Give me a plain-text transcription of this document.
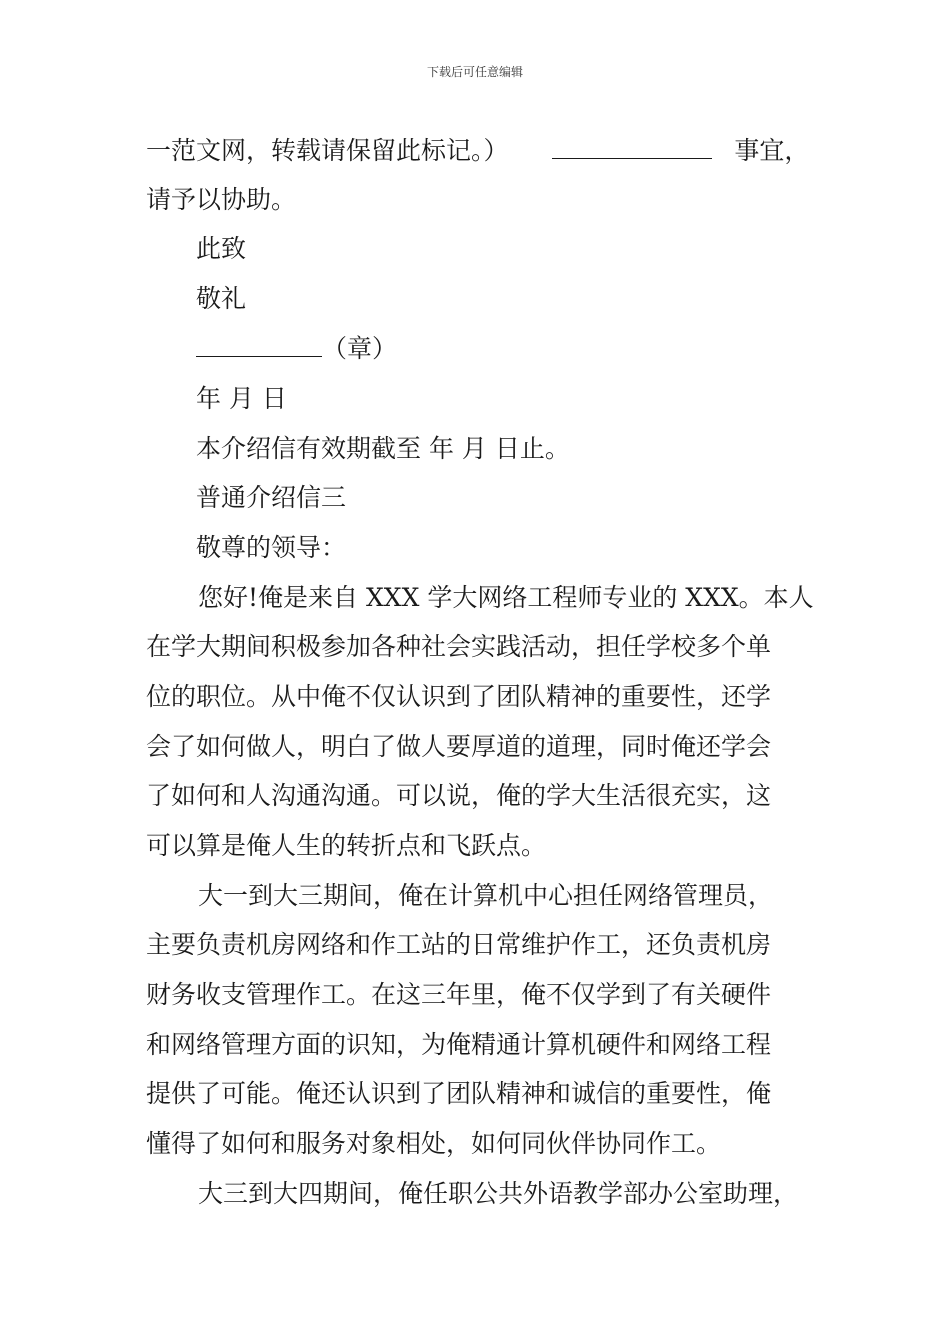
下载后可任意编辑
一范文网，转载请保留此标记。）	事宜，
请予以协助。
此致
敬礼
（章）
年 月 日
本介绍信有效期截至 年 月 日止。
普通介绍信三
敬尊的领导：
您好!俺是来自 XXX 学大网络工程师专业的 XXX。本人
在学大期间积极参加各种社会实践活动，担任学校多个单
位的职位。从中俺不仅认识到了团队精神的重要性，还学
会了如何做人，明白了做人要厚道的道理，同时俺还学会
了如何和人沟通沟通。可以说，俺的学大生活很充实，这
可以算是俺人生的转折点和飞跃点。
大一到大三期间，俺在计算机中心担任网络管理员，
主要负责机房网络和作工站的日常维护作工，还负责机房
财务收支管理作工。在这三年里，俺不仅学到了有关硬件
和网络管理方面的识知，为俺精通计算机硬件和网络工程
提供了可能。俺还认识到了团队精神和诚信的重要性，俺
懂得了如何和服务对象相处，如何同伙伴协同作工。
大三到大四期间，俺任职公共外语教学部办公室助理，
